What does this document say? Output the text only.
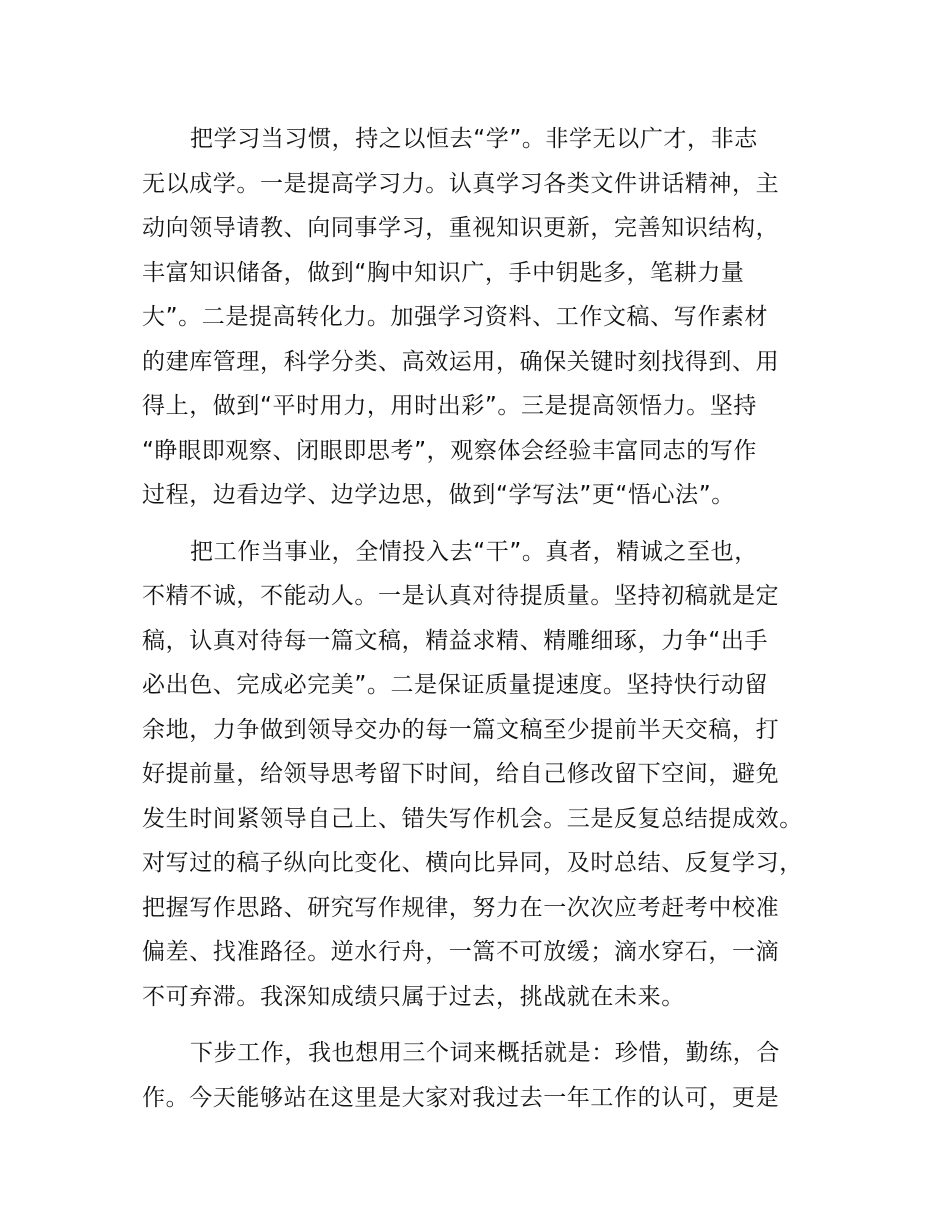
把学习当习惯，持之以恒去“学”。非学无以广才，非志
无以成学。一是提高学习力。认真学习各类文件讲话精神，主
动向领导请教、向同事学习，重视知识更新，完善知识结构，
丰富知识储备，做到“胸中知识广，手中钥匙多，笔耕力量
大”。二是提高转化力。加强学习资料、工作文稿、写作素材
的建库管理，科学分类、高效运用，确保关键时刻找得到、用
得上，做到“平时用力，用时出彩”。三是提高领悟力。坚持
“睁眼即观察、闭眼即思考”，观察体会经验丰富同志的写作
过程，边看边学、边学边思，做到“学写法”更“悟心法”。
把工作当事业，全情投入去“干”。真者，精诚之至也，
不精不诚，不能动人。一是认真对待提质量。坚持初稿就是定
稿，认真对待每一篇文稿，精益求精、精雕细琢，力争“出手
必出色、完成必完美”。二是保证质量提速度。坚持快行动留
余地，力争做到领导交办的每一篇文稿至少提前半天交稿，打
好提前量，给领导思考留下时间，给自己修改留下空间，避免
发生时间紧领导自己上、错失写作机会。三是反复总结提成效。
对写过的稿子纵向比变化、横向比异同，及时总结、反复学习，
把握写作思路、研究写作规律，努力在一次次应考赶考中校准
偏差、找准路径。逆水行舟，一篙不可放缓；滴水穿石，一滴
不可弃滞。我深知成绩只属于过去，挑战就在未来。
下步工作，我也想用三个词来概括就是：珍惜，勤练，合
作。今天能够站在这里是大家对我过去一年工作的认可，更是
